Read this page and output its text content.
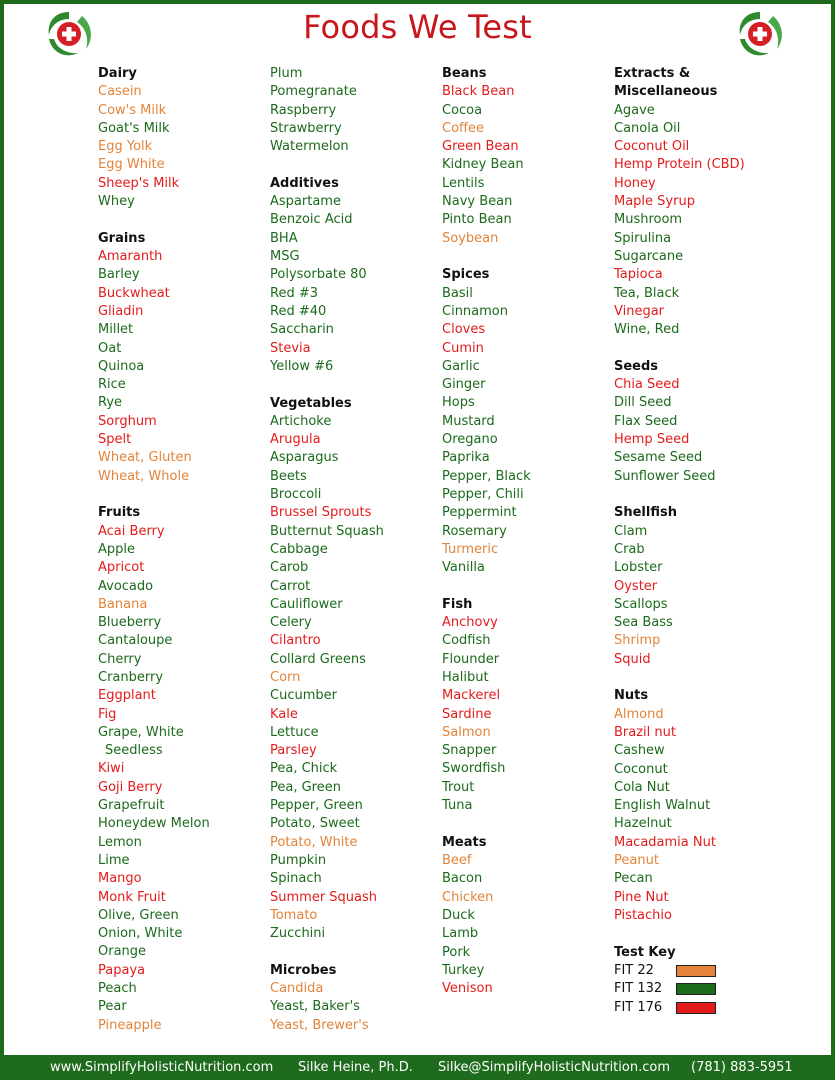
Foods We Test
Dairy
Casein
Cow's Milk
Goat's Milk
Egg Yolk
Egg White
Sheep's Milk
Whey
Grains
Amaranth
Barley
Buckwheat
Gliadin
Millet
Oat
Quinoa
Rice
Rye
Sorghum
Spelt
Wheat, Gluten
Wheat, Whole
Fruits
Acai Berry
Apple
Apricot
Avocado
Banana
Blueberry
Cantaloupe
Cherry
Cranberry
Eggplant
Fig
Grape, White
Seedless
Kiwi
Goji Berry
Grapefruit
Honeydew Melon
Lemon
Lime
Mango
Monk Fruit
Olive, Green
Onion, White
Orange
Papaya
Peach
Pear
Pineapple
Plum
Pomegranate
Raspberry
Strawberry
Watermelon
Additives
Aspartame
Benzoic Acid
BHA
MSG
Polysorbate 80
Red #3
Red #40
Saccharin
Stevia
Yellow #6
Vegetables
Artichoke
Arugula
Asparagus
Beets
Broccoli
Brussel Sprouts
Butternut Squash
Cabbage
Carob
Carrot
Cauliflower
Celery
Cilantro
Collard Greens
Corn
Cucumber
Kale
Lettuce
Parsley
Pea, Chick
Pea, Green
Pepper, Green
Potato, Sweet
Potato, White
Pumpkin
Spinach
Summer Squash
Tomato
Zucchini
Microbes
Candida
Yeast, Baker's
Yeast, Brewer's
Beans
Black Bean
Cocoa
Coffee
Green Bean
Kidney Bean
Lentils
Navy Bean
Pinto Bean
Soybean
Spices
Basil
Cinnamon
Cloves
Cumin
Garlic
Ginger
Hops
Mustard
Oregano
Paprika
Pepper, Black
Pepper, Chili
Peppermint
Rosemary
Turmeric
Vanilla
Fish
Anchovy
Codfish
Flounder
Halibut
Mackerel
Sardine
Salmon
Snapper
Swordfish
Trout
Tuna
Meats
Beef
Bacon
Chicken
Duck
Lamb
Pork
Turkey
Venison
Extracts &
Miscellaneous
Agave
Canola Oil
Coconut Oil
Hemp Protein (CBD)
Honey
Maple Syrup
Mushroom
Spirulina
Sugarcane
Tapioca
Tea, Black
Vinegar
Wine, Red
Seeds
Chia Seed
Dill Seed
Flax Seed
Hemp Seed
Sesame Seed
Sunflower Seed
Shellfish
Clam
Crab
Lobster
Oyster
Scallops
Sea Bass
Shrimp
Squid
Nuts
Almond
Brazil nut
Cashew
Coconut
Cola Nut
English Walnut
Hazelnut
Macadamia Nut
Peanut
Pecan
Pine Nut
Pistachio
Test Key
FIT 22
FIT 132
FIT 176
www.SimplifyHolisticNutrition.com Silke Heine, Ph.D. Silke@SimplifyHolisticNutrition.com (781) 883-5951
